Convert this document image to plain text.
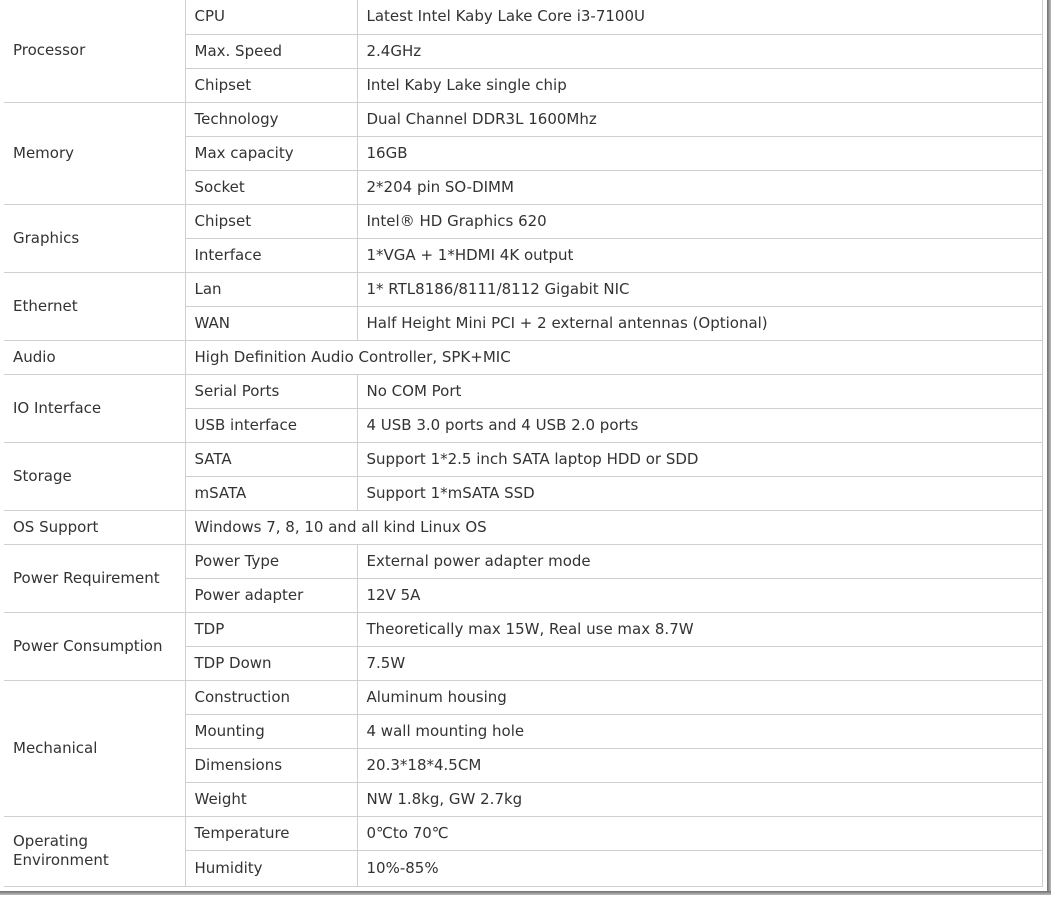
Processor	CPU	Latest Intel Kaby Lake Core i3-7100U
	Max. Speed	2.4GHz
	Chipset	Intel Kaby Lake single chip
Memory	Technology	Dual Channel DDR3L 1600Mhz
	Max capacity	16GB
	Socket	2*204 pin SO-DIMM
Graphics	Chipset	Intel® HD Graphics 620
	Interface	1*VGA + 1*HDMI 4K output
Ethernet	Lan	1* RTL8186/8111/8112 Gigabit NIC
	WAN	Half Height Mini PCI + 2 external antennas (Optional)
Audio	High Definition Audio Controller, SPK+MIC	
IO Interface	Serial Ports	No COM Port
	USB interface	4 USB 3.0 ports and 4 USB 2.0 ports
Storage	SATA	Support 1*2.5 inch SATA laptop HDD or SDD
	mSATA	Support 1*mSATA SSD
OS Support	Windows 7, 8, 10 and all kind Linux OS	
Power Requirement	Power Type	External power adapter mode
	Power adapter	12V 5A
Power Consumption	TDP	Theoretically max 15W, Real use max 8.7W
	TDP Down	7.5W
Mechanical	Construction	Aluminum housing
	Mounting	4 wall mounting hole
	Dimensions	20.3*18*4.5CM
	Weight	NW 1.8kg, GW 2.7kg
Operating Environment	Temperature	0℃to 70℃
	Humidity	10%-85%
